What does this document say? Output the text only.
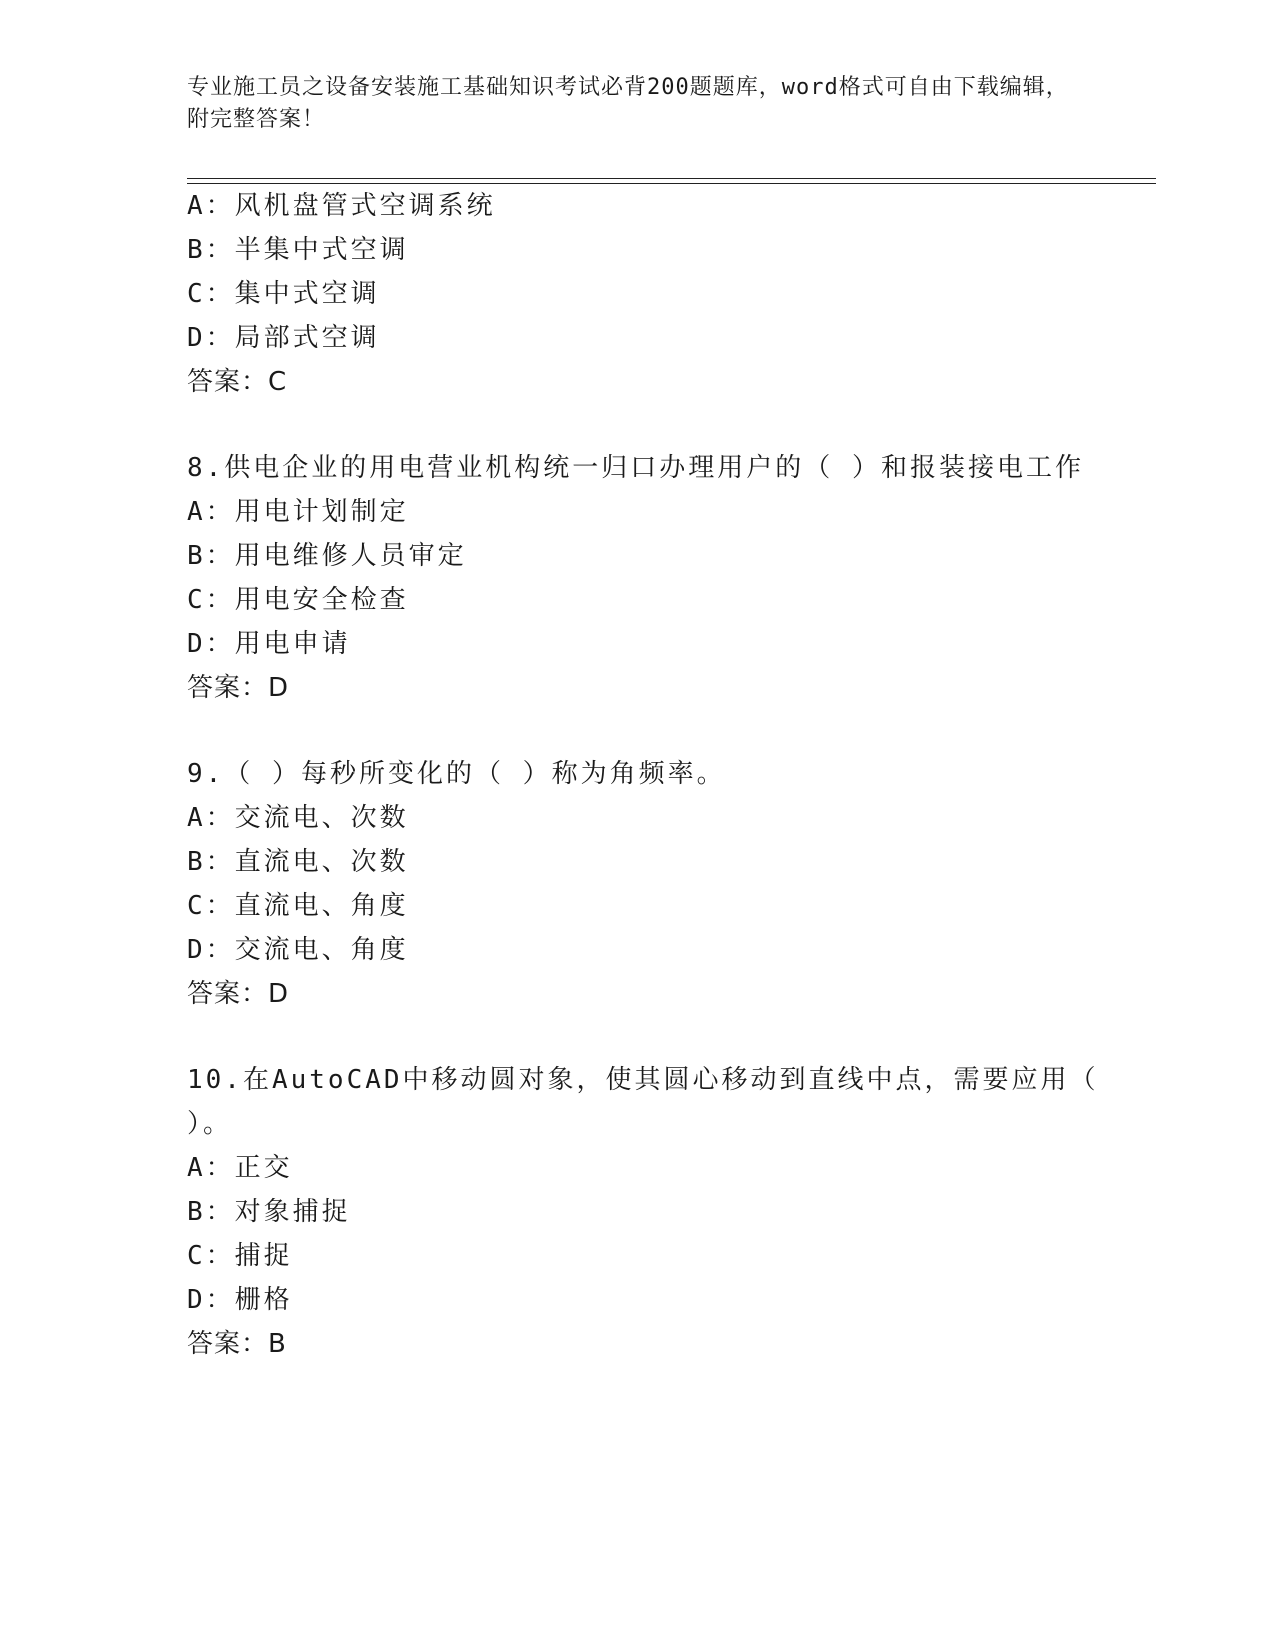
专业施工员之设备安装施工基础知识考试必背200题题库，word格式可自由下载编辑，附完整答案！
A：风机盘管式空调系统
B：半集中式空调
C：集中式空调
D：局部式空调
答案：C
8.供电企业的用电营业机构统一归口办理用户的（ ）和报装接电工作
A：用电计划制定
B：用电维修人员审定
C：用电安全检查
D：用电申请
答案：D
9.（ ）每秒所变化的（ ）称为角频率。
A：交流电、次数
B：直流电、次数
C：直流电、角度
D：交流电、角度
答案：D
10.在AutoCAD中移动圆对象，使其圆心移动到直线中点，需要应用（
）。
A：正交
B：对象捕捉
C：捕捉
D：栅格
答案：B
